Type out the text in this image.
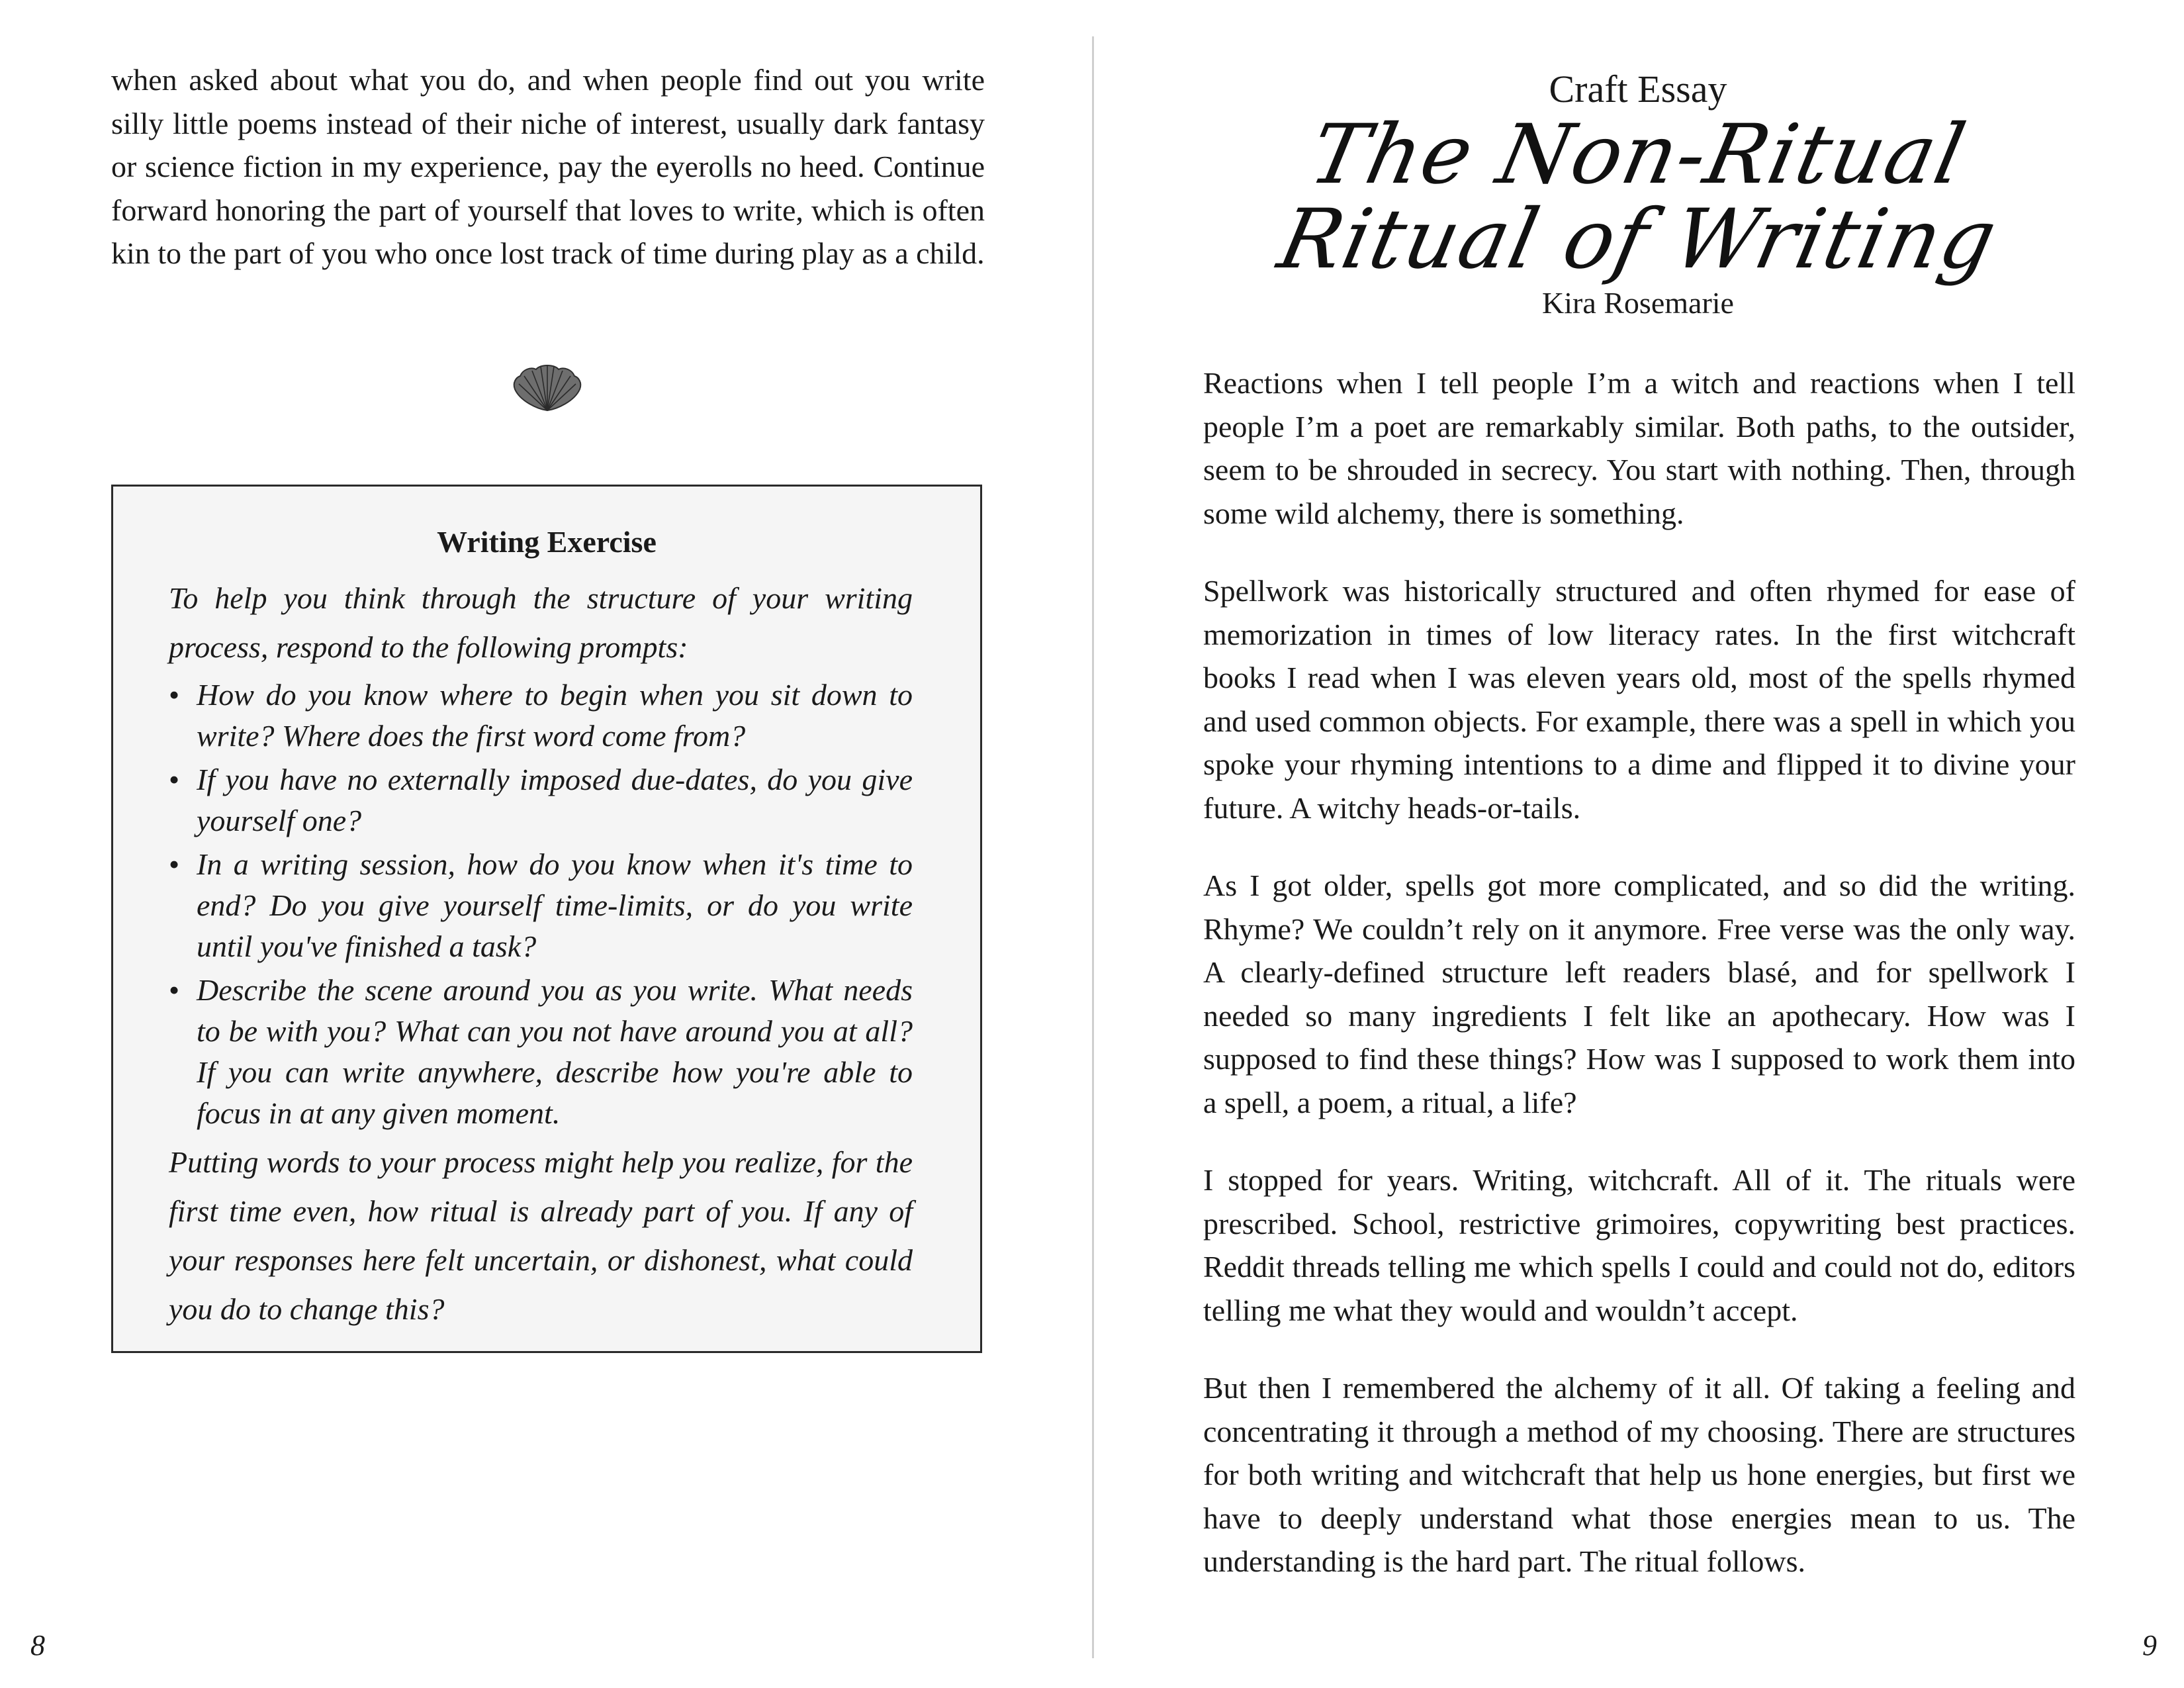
when asked about what you do, and when people find out you write silly little poems instead of their niche of interest, usually dark fantasy or science fiction in my experience, pay the eyerolls no heed. Continue forward honoring the part of yourself that loves to write, which is often kin to the part of you who once lost track of time during play as a child.

Writing Exercise

To help you think through the structure of your writing process, respond to the following prompts:

• How do you know where to begin when you sit down to write? Where does the first word come from?
• If you have no externally imposed due-dates, do you give yourself one?
• In a writing session, how do you know when it's time to end? Do you give yourself time-limits, or do you write until you've finished a task?
• Describe the scene around you as you write. What needs to be with you? What can you not have around you at all? If you can write anywhere, describe how you're able to focus in at any given moment.

Putting words to your process might help you realize, for the first time even, how ritual is already part of you. If any of your responses here felt uncertain, or dishonest, what could you do to change this?

8
Craft Essay
The Non-Ritual
Ritual of Writing
Kira Rosemarie

Reactions when I tell people I’m a witch and reactions when I tell people I’m a poet are remarkably similar. Both paths, to the outsider, seem to be shrouded in secrecy. You start with nothing. Then, through some wild alchemy, there is something.

Spellwork was historically structured and often rhymed for ease of memorization in times of low literacy rates. In the first witchcraft books I read when I was eleven years old, most of the spells rhymed and used common objects. For example, there was a spell in which you spoke your rhyming intentions to a dime and flipped it to divine your future. A witchy heads-or-tails.

As I got older, spells got more complicated, and so did the writing. Rhyme? We couldn’t rely on it anymore. Free verse was the only way. A clearly-defined structure left readers blasé, and for spellwork I needed so many ingredients I felt like an apothecary. How was I supposed to find these things? How was I supposed to work them into a spell, a poem, a ritual, a life?

I stopped for years. Writing, witchcraft. All of it. The rituals were prescribed. School, restrictive grimoires, copywriting best practices. Reddit threads telling me which spells I could and could not do, editors telling me what they would and wouldn’t accept.

But then I remembered the alchemy of it all. Of taking a feeling and concentrating it through a method of my choosing. There are structures for both writing and witchcraft that help us hone energies, but first we have to deeply understand what those energies mean to us. The understanding is the hard part. The ritual follows.

9
